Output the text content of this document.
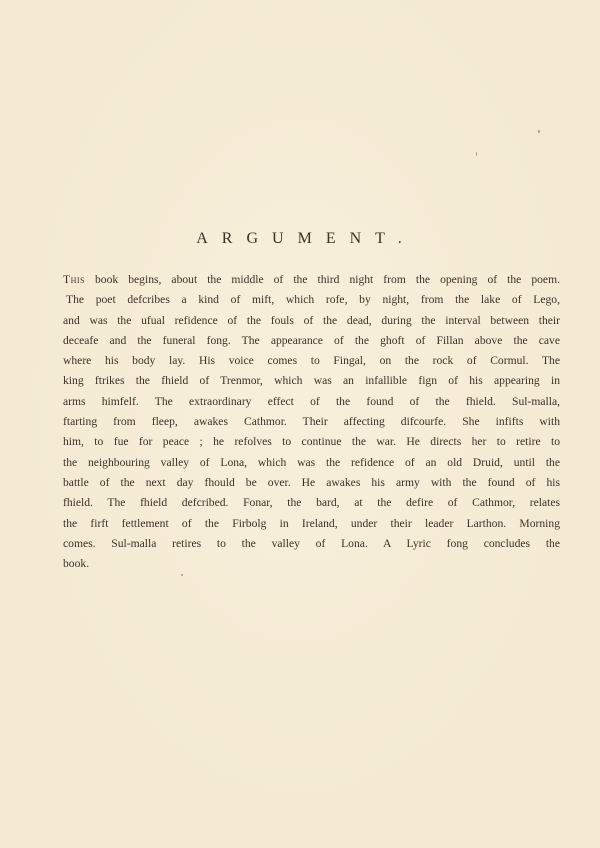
ARGUMENT.
This book begins, about the middle of the third night from the opening of the poem.
The poet defcribes a kind of mift, which rofe, by night, from the lake of Lego,
and was the ufual refidence of the fouls of the dead, during the interval between their
deceafe and the funeral fong. The appearance of the ghoft of Fillan above the cave
where his body lay. His voice comes to Fingal, on the rock of Cormul. The
king ftrikes the fhield of Trenmor, which was an infallible fign of his appearing in
arms himfelf. The extraordinary effect of the found of the fhield. Sul-malla,
ftarting from fleep, awakes Cathmor. Their affecting difcourfe. She infifts with
him, to fue for peace ; he refolves to continue the war. He directs her to retire to
the neighbouring valley of Lona, which was the refidence of an old Druid, until the
battle of the next day fhould be over. He awakes his army with the found of his
fhield. The fhield defcribed. Fonar, the bard, at the defire of Cathmor, relates
the firft fettlement of the Firbolg in Ireland, under their leader Larthon. Morning
comes. Sul-malla retires to the valley of Lona. A Lyric fong concludes the
book.
